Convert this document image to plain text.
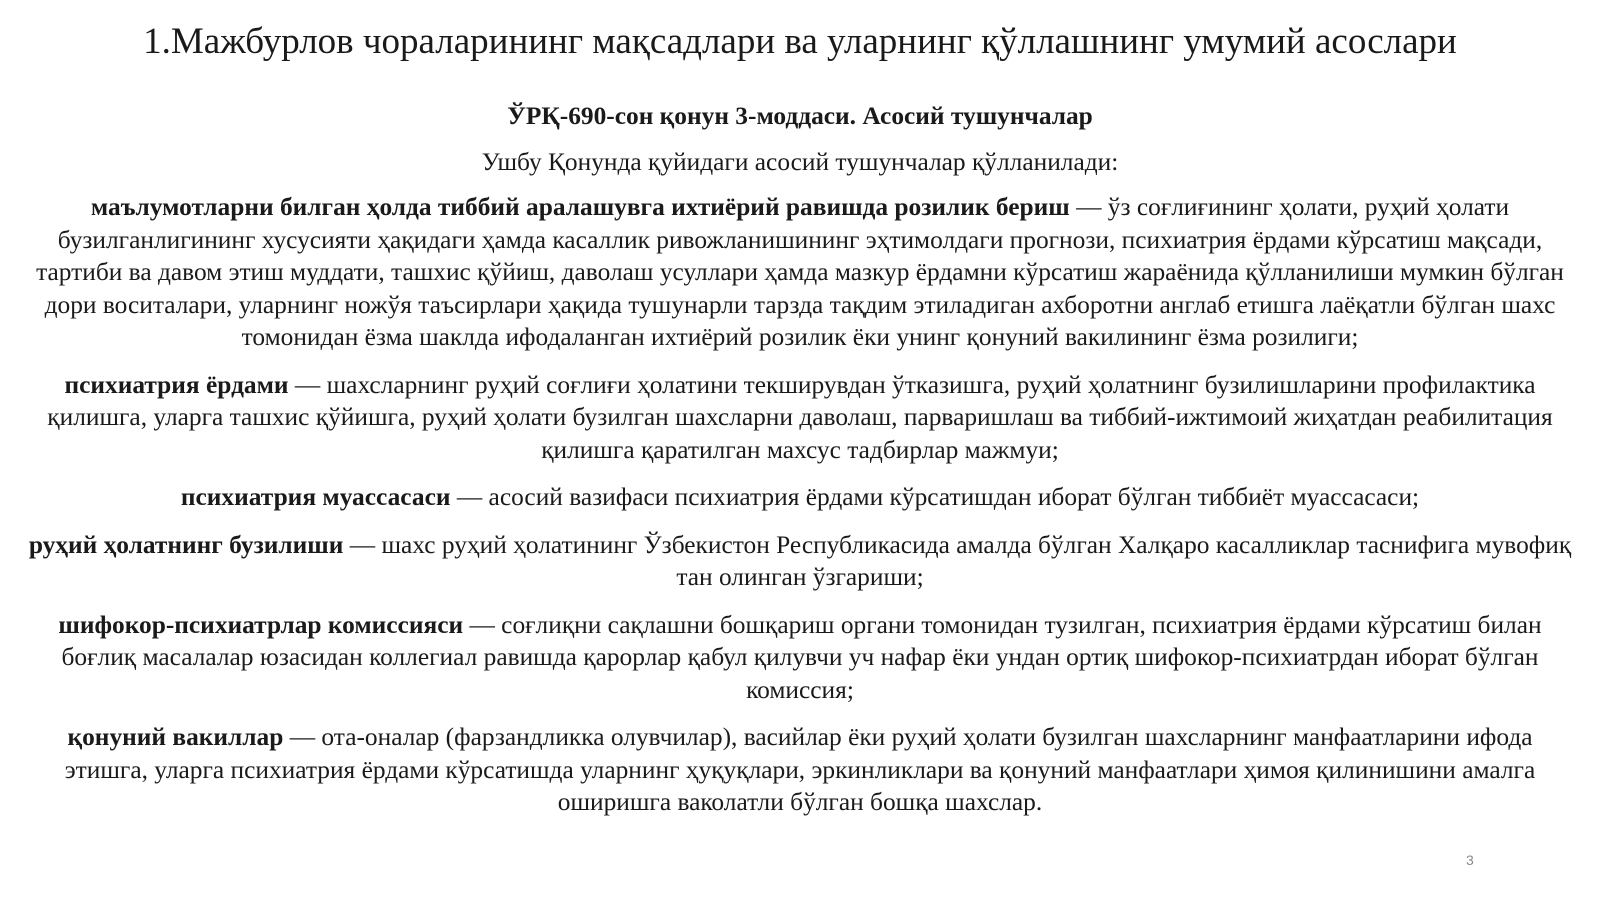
1.Мажбурлов чораларининг мақсадлари ва уларнинг қўллашнинг умумий асослари
ЎРҚ-690-сон қонун 3-моддаси. Асосий тушунчалар
Ушбу Қонунда қуйидаги асосий тушунчалар қўлланилади:
маълумотларни билган ҳолда тиббий аралашувга ихтиёрий равишда розилик бериш — ўз соғлиғининг ҳолати, руҳий ҳолати бузилганлигининг хусусияти ҳақидаги ҳамда касаллик ривожланишининг эҳтимолдаги прогнози, психиатрия ёрдами кўрсатиш мақсади, тартиби ва давом этиш муддати, ташхис қўйиш, даволаш усуллари ҳамда мазкур ёрдамни кўрсатиш жараёнида қўлланилиши мумкин бўлган дори воситалари, уларнинг ножўя таъсирлари ҳақида тушунарли тарзда тақдим этиладиган ахборотни англаб етишга лаёқатли бўлган шахс томонидан ёзма шаклда ифодаланган ихтиёрий розилик ёки унинг қонуний вакилининг ёзма розилиги;
психиатрия ёрдами — шахсларнинг руҳий соғлиғи ҳолатини текширувдан ўтказишга, руҳий ҳолатнинг бузилишларини профилактика қилишга, уларга ташхис қўйишга, руҳий ҳолати бузилган шахсларни даволаш, парваришлаш ва тиббий-ижтимоий жиҳатдан реабилитация қилишга қаратилган махсус тадбирлар мажмуи;
психиатрия муассасаси — асосий вазифаси психиатрия ёрдами кўрсатишдан иборат бўлган тиббиёт муассасаси;
руҳий ҳолатнинг бузилиши — шахс руҳий ҳолатининг Ўзбекистон Республикасида амалда бўлган Халқаро касалликлар таснифига мувофиқ тан олинган ўзгариши;
шифокор-психиатрлар комиссияси — соғлиқни сақлашни бошқариш органи томонидан тузилган, психиатрия ёрдами кўрсатиш билан боғлиқ масалалар юзасидан коллегиал равишда қарорлар қабул қилувчи уч нафар ёки ундан ортиқ шифокор-психиатрдан иборат бўлган комиссия;
қонуний вакиллар — ота-оналар (фарзандликка олувчилар), васийлар ёки руҳий ҳолати бузилган шахсларнинг манфаатларини ифода этишга, уларга психиатрия ёрдами кўрсатишда уларнинг ҳуқуқлари, эркинликлари ва қонуний манфаатлари ҳимоя қилинишини амалга оширишга ваколатли бўлган бошқа шахслар.
3
